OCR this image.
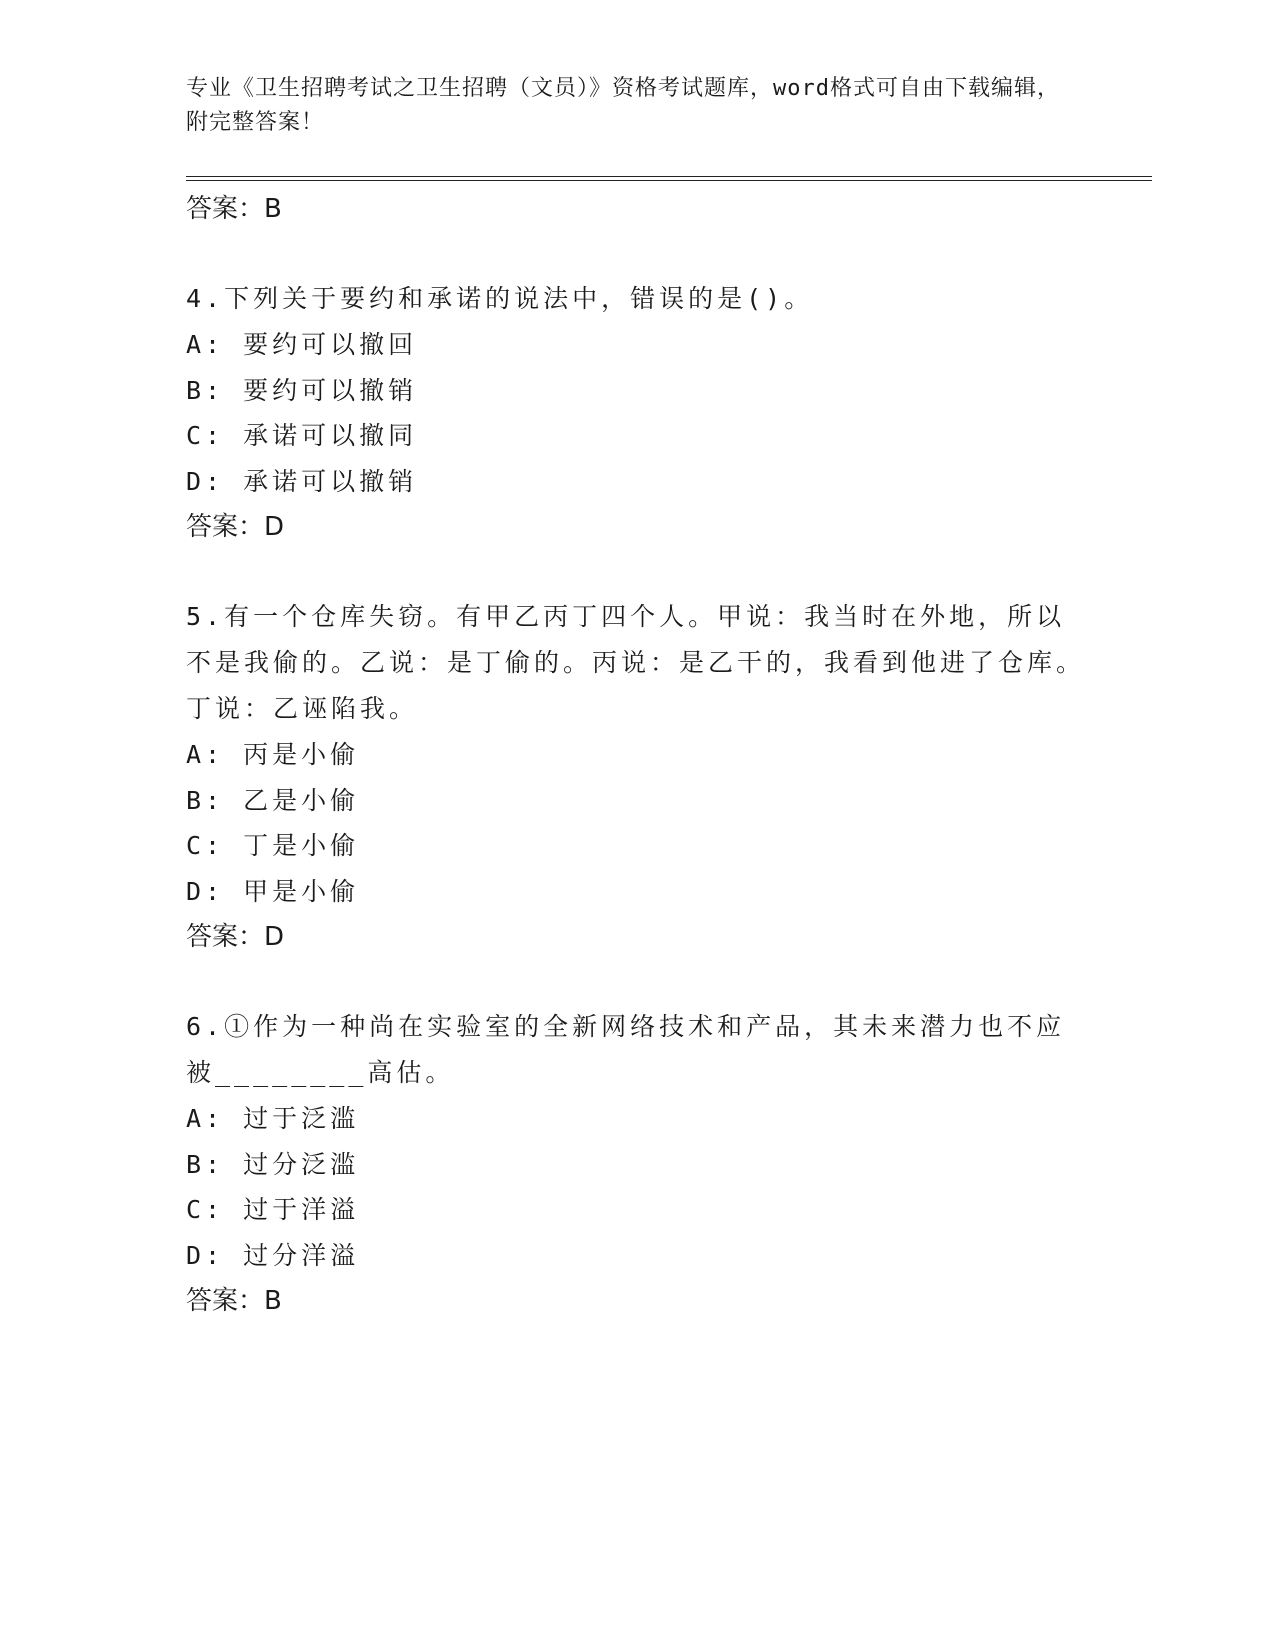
专业《卫生招聘考试之卫生招聘（文员）》资格考试题库，word格式可自由下载编辑，附完整答案！

答案：B

4.下列关于要约和承诺的说法中，错误的是()。

A: 要约可以撤回

B: 要约可以撤销

C: 承诺可以撤同

D: 承诺可以撤销

答案：D

5.有一个仓库失窃。有甲乙丙丁四个人。甲说：我当时在外地，所以不是我偷的。乙说：是丁偷的。丙说：是乙干的，我看到他进了仓库。丁说：乙诬陷我。

A: 丙是小偷

B: 乙是小偷

C: 丁是小偷

D: 甲是小偷

答案：D

6.①作为一种尚在实验室的全新网络技术和产品，其未来潜力也不应被________高估。

A: 过于泛滥

B: 过分泛滥

C: 过于洋溢

D: 过分洋溢

答案：B
